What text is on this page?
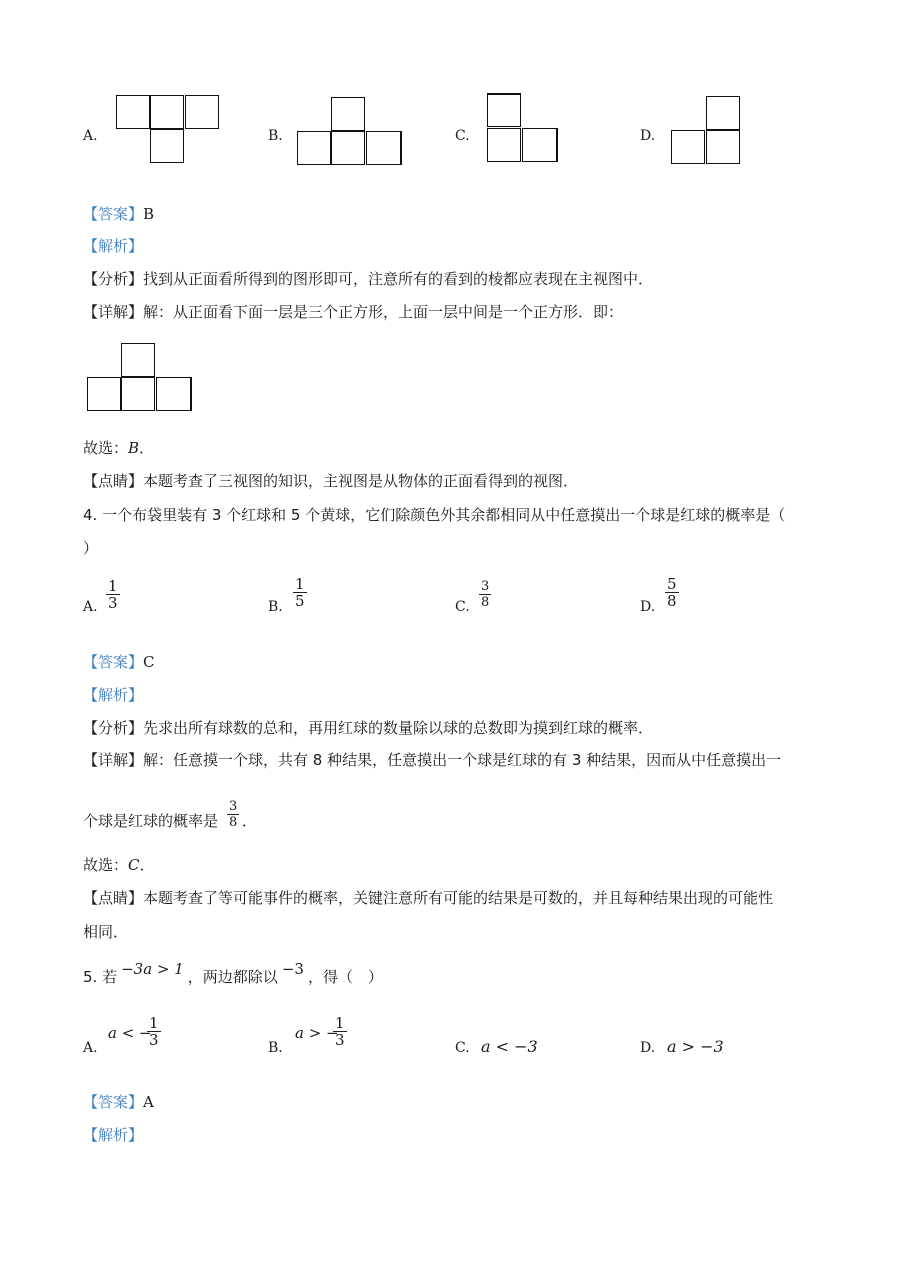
A.	B.	C.	D.
【答案】B
【解析】
【分析】找到从正面看所得到的图形即可，注意所有的看到的棱都应表现在主视图中．
【详解】解：从正面看下面一层是三个正方形，上面一层中间是一个正方形．即：
故选：B．
【点睛】本题考查了三视图的知识，主视图是从物体的正面看得到的视图．
4. 一个布袋里装有 3 个红球和 5 个黄球，它们除颜色外其余都相同从中任意摸出一个球是红球的概率是（
）
A. $\frac{1}{3}$	B. $\frac{1}{5}$	C. $\frac{3}{8}$	D. $\frac{5}{8}$
【答案】C
【解析】
【分析】先求出所有球数的总和，再用红球的数量除以球的总数即为摸到红球的概率．
【详解】解：任意摸一个球，共有 8 种结果，任意摸出一个球是红球的有 3 种结果，因而从中任意摸出一
个球是红球的概率是 $\frac{3}{8}$ ．
故选：C．
【点睛】本题考查了等可能事件的概率，关键注意所有可能的结果是可数的，并且每种结果出现的可能性
相同．
5. 若 −3a > 1 ，两边都除以 −3 ，得（　）
A.
a < −
$\frac{1}{3}$	B.
a > −
$\frac{1}{3}$	C. a < −3	D. a > −3
【答案】A
【解析】
